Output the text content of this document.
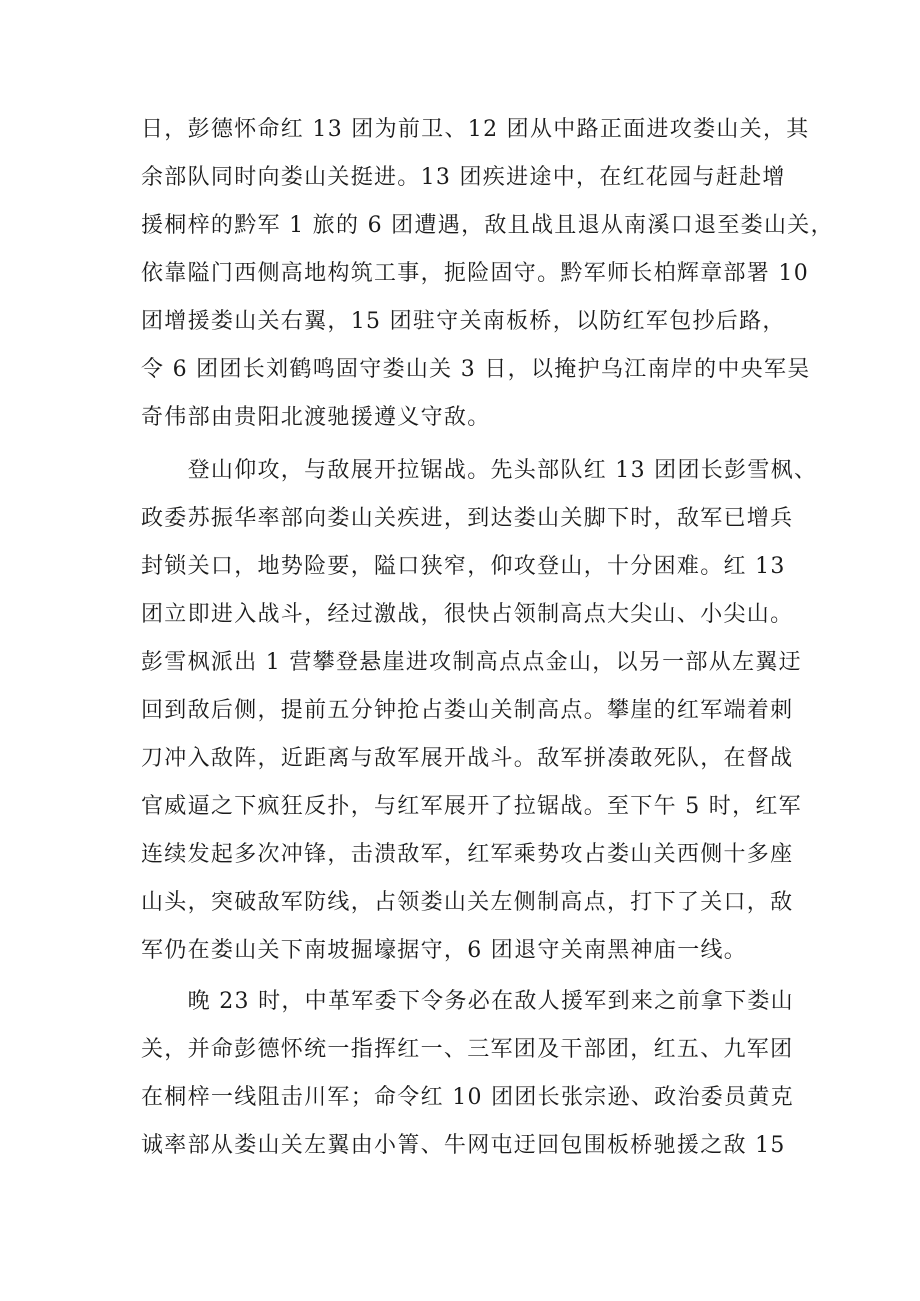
日，彭德怀命红 13 团为前卫、12 团从中路正面进攻娄山关，其
余部队同时向娄山关挺进。13 团疾进途中，在红花园与赶赴增
援桐梓的黔军 1 旅的 6 团遭遇，敌且战且退从南溪口退至娄山关，
依靠隘门西侧高地构筑工事，扼险固守。黔军师长柏辉章部署 10
团增援娄山关右翼，15 团驻守关南板桥，以防红军包抄后路，
令 6 团团长刘鹤鸣固守娄山关 3 日，以掩护乌江南岸的中央军吴
奇伟部由贵阳北渡驰援遵义守敌。
　　登山仰攻，与敌展开拉锯战。先头部队红 13 团团长彭雪枫、
政委苏振华率部向娄山关疾进，到达娄山关脚下时，敌军已增兵
封锁关口，地势险要，隘口狭窄，仰攻登山，十分困难。红 13
团立即进入战斗，经过激战，很快占领制高点大尖山、小尖山。
彭雪枫派出 1 营攀登悬崖进攻制高点点金山，以另一部从左翼迂
回到敌后侧，提前五分钟抢占娄山关制高点。攀崖的红军端着刺
刀冲入敌阵，近距离与敌军展开战斗。敌军拼凑敢死队，在督战
官威逼之下疯狂反扑，与红军展开了拉锯战。至下午 5 时，红军
连续发起多次冲锋，击溃敌军，红军乘势攻占娄山关西侧十多座
山头，突破敌军防线，占领娄山关左侧制高点，打下了关口，敌
军仍在娄山关下南坡掘壕据守，6 团退守关南黑神庙一线。
　　晚 23 时，中革军委下令务必在敌人援军到来之前拿下娄山
关，并命彭德怀统一指挥红一、三军团及干部团，红五、九军团
在桐梓一线阻击川军；命令红 10 团团长张宗逊、政治委员黄克
诚率部从娄山关左翼由小箐、牛网屯迂回包围板桥驰援之敌 15
